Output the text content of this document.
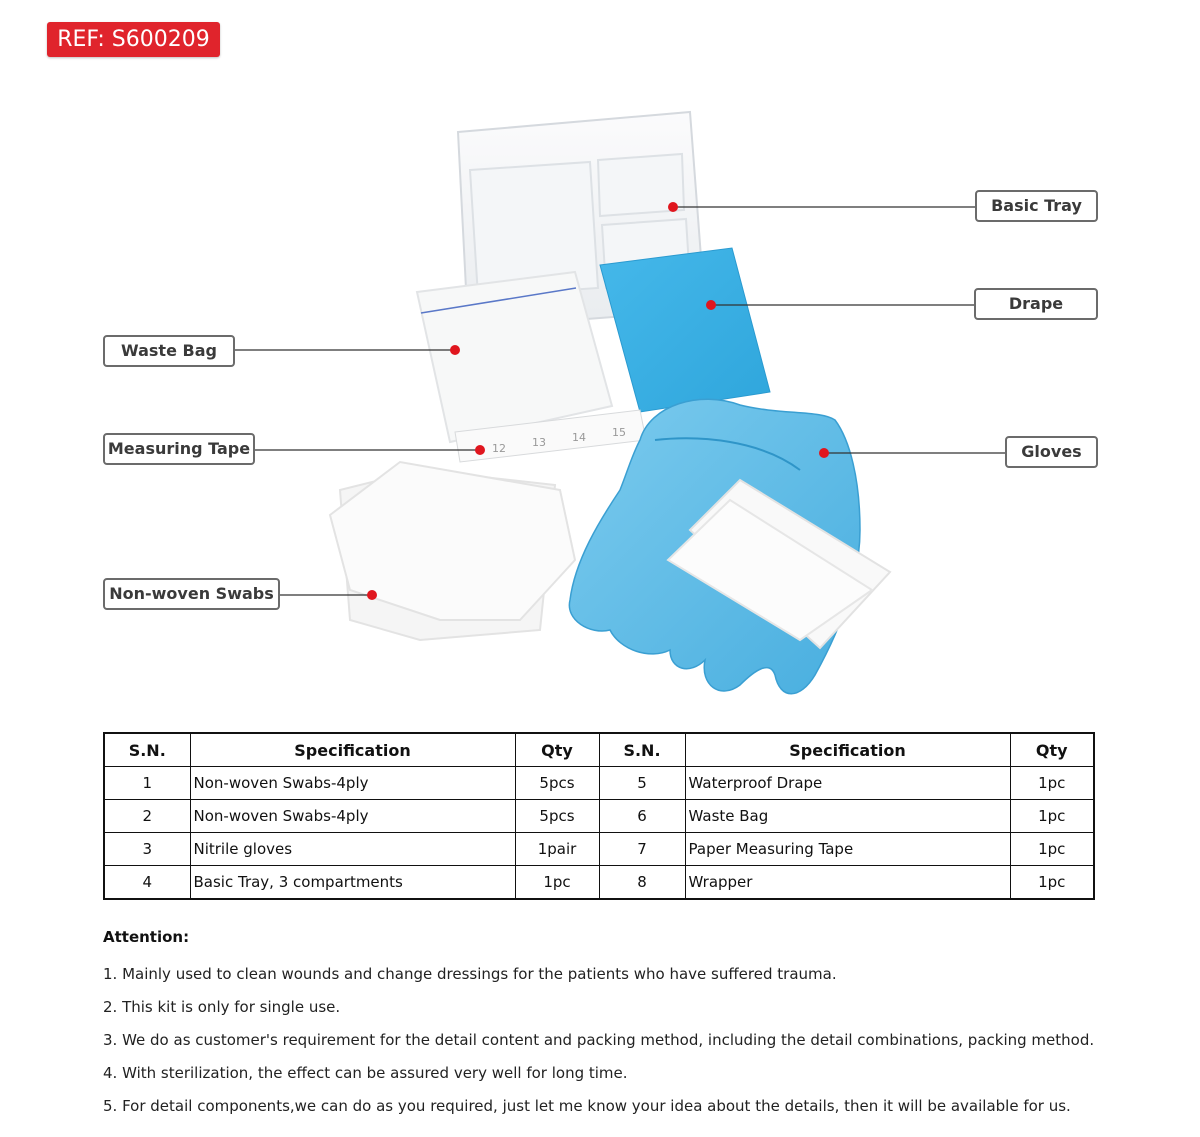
REF: S600209
12 13 14 15
Basic Tray
Drape
Waste Bag
Measuring Tape	Gloves
Non-woven Swabs
S.N.	Specification	Qty	S.N.	Specification	Qty
1	Non-woven Swabs-4ply	5pcs	5	Waterproof Drape	1pc
2	Non-woven Swabs-4ply	5pcs	6	Waste Bag	1pc
3	Nitrile gloves	1pair	7	Paper Measuring Tape	1pc
4	Basic Tray, 3 compartments	1pc	8	Wrapper	1pc
Attention:
1. Mainly used to clean wounds and change dressings for the patients who have suffered trauma.
2. This kit is only for single use.
3. We do as customer's requirement for the detail content and packing method, including the detail combinations, packing method.
4. With sterilization, the effect can be assured very well for long time.
5. For detail components,we can do as you required, just let me know your idea about the details, then it will be available for us.
